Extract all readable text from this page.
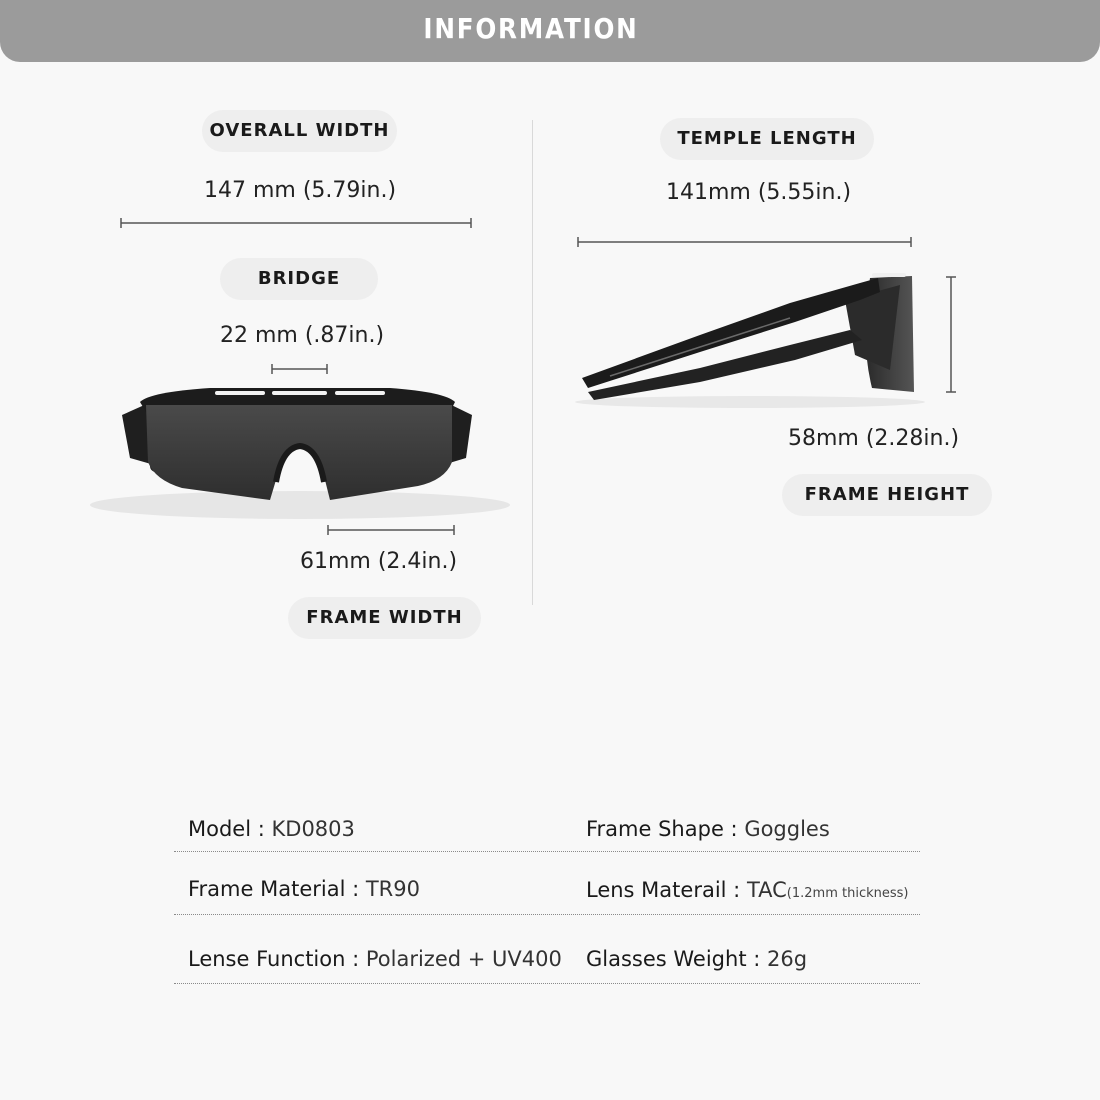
INFORMATION
OVERALL WIDTH
147 mm (5.79in.)
BRIDGE
22 mm (.87in.)
61mm (2.4in.)
FRAME WIDTH
TEMPLE LENGTH
141mm (5.55in.)
58mm (2.28in.)
FRAME HEIGHT
Model : KD0803	Frame Shape : Goggles
Frame Material : TR90	Lens Materail : TAC(1.2mm thickness)
Lense Function : Polarized + UV400 Glasses Weight : 26g
